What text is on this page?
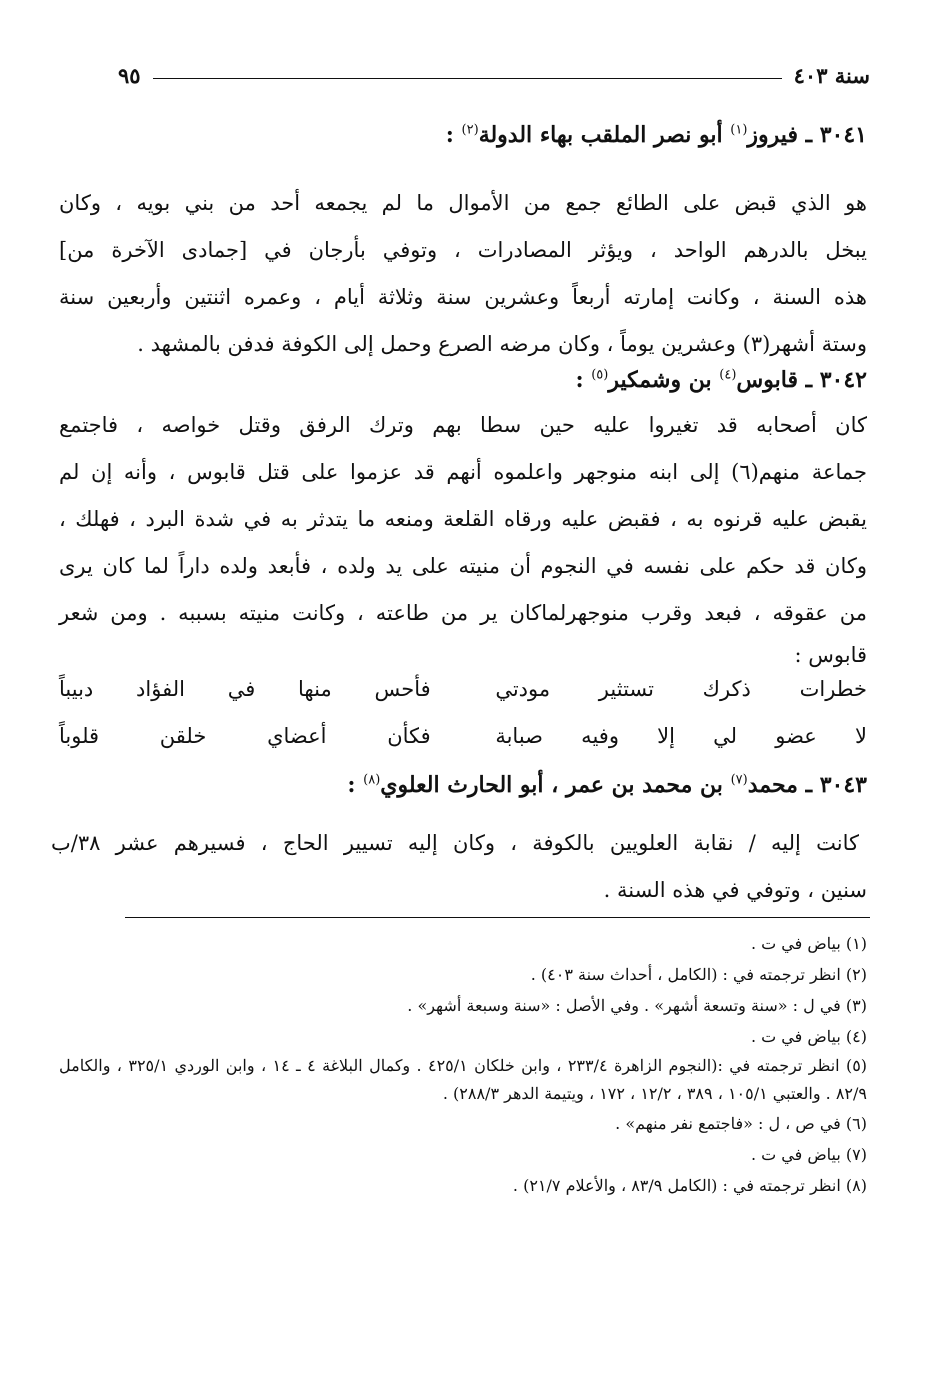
سنة ٤٠٣
٩٥
٣٠٤١ ـ فيروز$^{(١)}$ أبو نصر الملقب بهاء الدولة$^{(٢)}$ :
هو الذي قبض على الطائع جمع من الأموال ما لم يجمعه أحد من بني بويه ، وكان
يبخل بالدرهم الواحد ، ويؤثر المصادرات ، وتوفي بأرجان في [جمادى الآخرة من]
هذه السنة ، وكانت إمارته أربعاً وعشرين سنة وثلاثة أيام ، وعمره اثنتين وأربعين سنة
وستة أشهر(٣) وعشرين يوماً ، وكان مرضه الصرع وحمل إلى الكوفة فدفن بالمشهد .
٣٠٤٢ ـ قابوس$^{(٤)}$ بن وشمكير$^{(٥)}$ :
كان أصحابه قد تغيروا عليه حين سطا بهم وترك الرفق وقتل خواصه ، فاجتمع
جماعة منهم(٦) إلى ابنه منوجهر واعلموه أنهم قد عزموا على قتل قابوس ، وأنه إن لم
يقبض عليه قرنوه به ، فقبض عليه ورقاه القلعة ومنعه ما يتدثر به في شدة البرد ، فهلك ،
وكان قد حكم على نفسه في النجوم أن منيته على يد ولده ، فأبعد ولده داراً لما كان يرى
من عقوقه ، فبعد وقرب منوجهرلماكان ير من طاعته ، وكانت منيته بسببه . ومن شعر
قابوس :
خطرات ذكرك تستثير مودتي
فأحس منها في الفؤاد دبيباً
لا عضو لي إلا وفيه صبابة
فكأن أعضاي خلقن قلوباً
٣٠٤٣ ـ محمد$^{(٧)}$ بن محمد بن عمر ، أبو الحارث العلوي$^{(٨)}$ :
كانت إليه / نقابة العلويين بالكوفة ، وكان إليه تسيير الحاج ، فسيرهم عشر ٣٨/ب
سنين ، وتوفي في هذه السنة .
(١) بياض في ت .
(٢) انظر ترجمته في : (الكامل ، أحداث سنة ٤٠٣) .
(٣) في ل : «سنة وتسعة أشهر» . وفي الأصل : «سنة وسبعة أشهر» .
(٤) بياض في ت .
(٥) انظر ترجمته في :(النجوم الزاهرة ٢٣٣/٤ ، وابن خلكان ٤٢٥/١ . وكمال البلاغة ٤ ـ ١٤ ، وابن الوردي ٣٢٥/١ ، والكامل ٨٢/٩ . والعتبي ١٠٥/١ ، ٣٨٩ ، ١٢/٢ ، ١٧٢ ، ويتيمة الدهر ٢٨٨/٣) .
(٦) في ص ، ل : «فاجتمع نفر منهم» .
(٧) بياض في ت .
(٨) انظر ترجمته في : (الكامل ٨٣/٩ ، والأعلام ٢١/٧) .
